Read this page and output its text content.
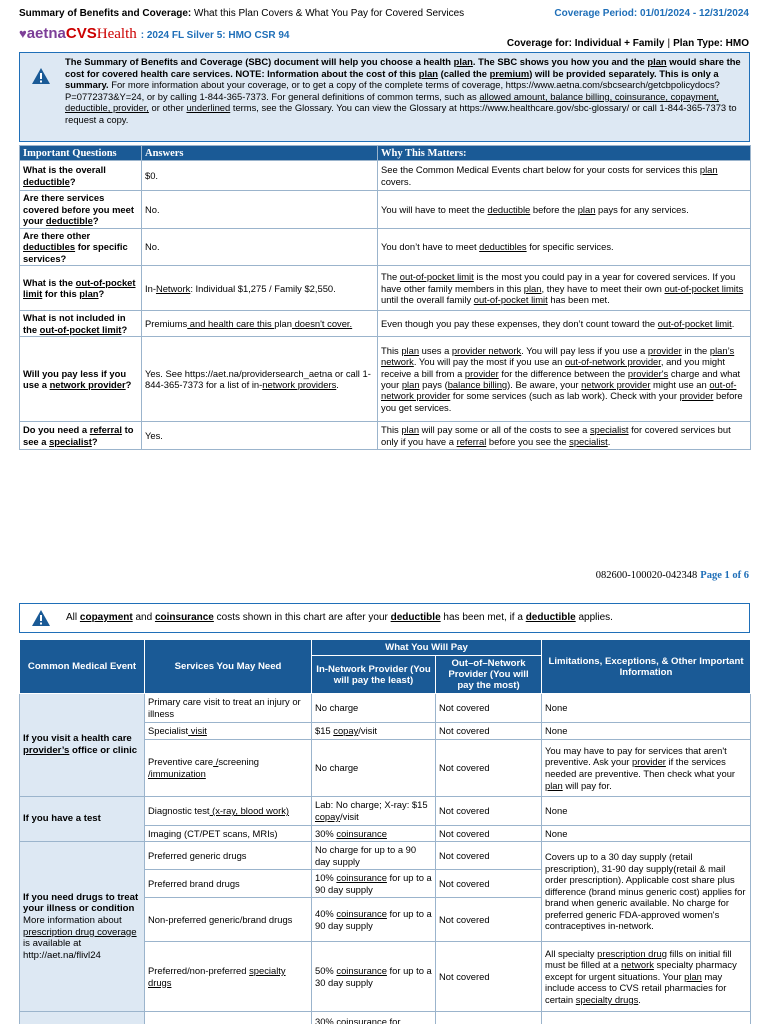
Summary of Benefits and Coverage: What this Plan Covers & What You Pay for Covered Services	Coverage Period: 01/01/2024 - 12/31/2024
♥aetnaCVSHealth : 2024 FL Silver 5: HMO CSR 94
Coverage for: Individual + Family | Plan Type: HMO
The Summary of Benefits and Coverage (SBC) document will help you choose a health plan. The SBC shows you how you and the plan would share the cost for covered health care services. NOTE: Information about the cost of this plan (called the premium) will be provided separately. This is only a summary. For more information about your coverage, or to get a copy of the complete terms of coverage, https://www.aetna.com/sbcsearch/getcbpolicydocs?P=0772373&Y=24, or by calling 1-844-365-7373. For general definitions of common terms, such as allowed amount, balance billing, coinsurance, copayment, deductible, provider, or other underlined terms, see the Glossary. You can view the Glossary at https://www.healthcare.gov/sbc-glossary/ or call 1-844-365-7373 to request a copy.
Important Questions	Answers	Why This Matters:
What is the overall deductible?	$0.	See the Common Medical Events chart below for your costs for services this plan covers.
Are there services covered before you meet your deductible?	No.	You will have to meet the deductible before the plan pays for any services.
Are there other deductibles for specific services?	No.	You don’t have to meet deductibles for specific services.
What is the out-of-pocket limit for this plan?	In-Network: Individual $1,275 / Family $2,550.	The out-of-pocket limit is the most you could pay in a year for covered services. If you have other family members in this plan, they have to meet their own out-of-pocket limits until the overall family out-of-pocket limit has been met.
What is not included in the out-of-pocket limit?	Premiums and health care this plan doesn't cover.	Even though you pay these expenses, they don’t count toward the out-of-pocket limit.
Will you pay less if you use a network provider?	Yes. See https://aet.na/providersearch_aetna or call 1-844-365-7373 for a list of in-network providers.	This plan uses a provider network. You will pay less if you use a provider in the plan’s network. You will pay the most if you use an out-of-network provider, and you might receive a bill from a provider for the difference between the provider's charge and what your plan pays (balance billing). Be aware, your network provider might use an out-of-network provider for some services (such as lab work). Check with your provider before you get services.
Do you need a referral to see a specialist?	Yes.	This plan will pay some or all of the costs to see a specialist for covered services but only if you have a referral before you see the specialist.
082600-100020-042348 Page 1 of 6
All copayment and coinsurance costs shown in this chart are after your deductible has been met, if a deductible applies.
Common Medical Event	Services You May Need	What You Will Pay		Limitations, Exceptions, & Other Important Information
		In-Network Provider (You will pay the least)	Out–of–Network Provider (You will pay the most)	
If you visit a health care provider’s office or clinic	Primary care visit to treat an injury or illness	No charge	Not covered	None
	Specialist visit	$15 copay/visit	Not covered	None
	Preventive care /screening /immunization	No charge	Not covered	You may have to pay for services that aren't preventive. Ask your provider if the services needed are preventive. Then check what your plan will pay for.
If you have a test	Diagnostic test (x-ray, blood work)	Lab: No charge; X-ray: $15 copay/visit	Not covered	None
	Imaging (CT/PET scans, MRIs)	30% coinsurance	Not covered	None
If you need drugs to treat your illness or condition
More information about prescription drug coverage is available at http://aet.na/flivl24	Preferred generic drugs	No charge for up to a 90 day supply	Not covered	Covers up to a 30 day supply (retail prescription), 31-90 day supply(retail & mail order prescription). Applicable cost share plus difference (brand minus generic cost) applies for brand when generic available. No charge for preferred generic FDA-approved women's contraceptives in-network.
	Preferred brand drugs	10% coinsurance for up to a 90 day supply	Not covered	
	Non-preferred generic/brand drugs	40% coinsurance for up to a 90 day supply	Not covered	
	Preferred/non-preferred specialty drugs	50% coinsurance for up to a 30 day supply	Not covered	All specialty prescription drug fills on initial fill must be filled at a network specialty pharmacy except for urgent situations. Your plan may include access to CVS retail pharmacies for certain specialty drugs.
		30% coinsurance for		
